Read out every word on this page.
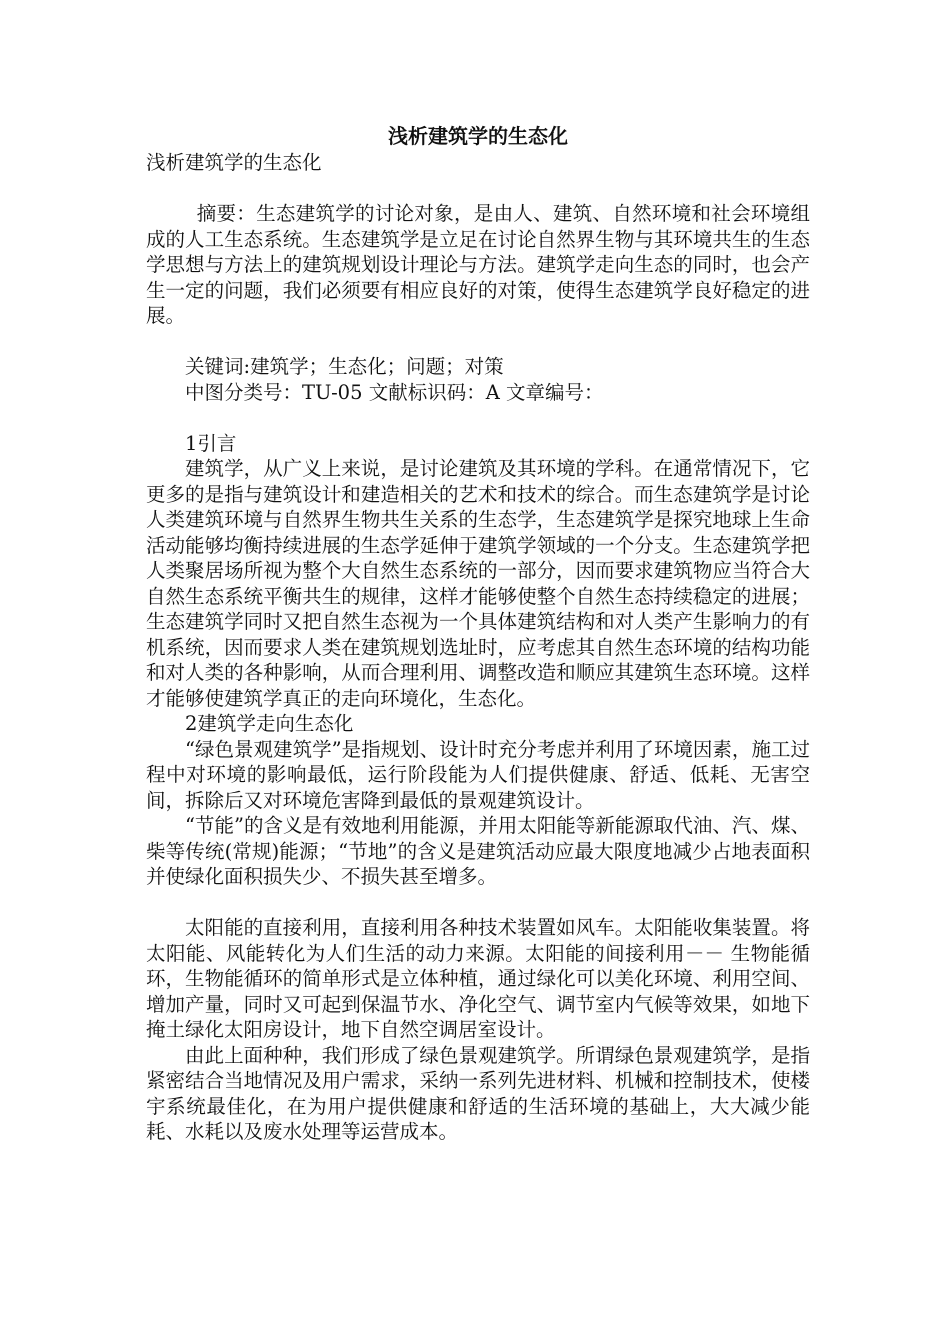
浅析建筑学的生态化

浅析建筑学的生态化

摘要：生态建筑学的讨论对象，是由人、建筑、自然环境和社会环境组成的人工生态系统。生态建筑学是立足在讨论自然界生物与其环境共生的生态学思想与方法上的建筑规划设计理论与方法。建筑学走向生态的同时，也会产生一定的问题，我们必须要有相应良好的对策，使得生态建筑学良好稳定的进展。

关键词:建筑学；生态化；问题；对策

中图分类号：TU-05 文献标识码：A 文章编号：

1引言

建筑学，从广义上来说，是讨论建筑及其环境的学科。在通常情况下，它更多的是指与建筑设计和建造相关的艺术和技术的综合。而生态建筑学是讨论人类建筑环境与自然界生物共生关系的生态学，生态建筑学是探究地球上生命活动能够均衡持续进展的生态学延伸于建筑学领域的一个分支。生态建筑学把人类聚居场所视为整个大自然生态系统的一部分，因而要求建筑物应当符合大自然生态系统平衡共生的规律，这样才能够使整个自然生态持续稳定的进展；生态建筑学同时又把自然生态视为一个具体建筑结构和对人类产生影响力的有机系统，因而要求人类在建筑规划选址时，应考虑其自然生态环境的结构功能和对人类的各种影响，从而合理利用、调整改造和顺应其建筑生态环境。这样才能够使建筑学真正的走向环境化，生态化。

2建筑学走向生态化

“绿色景观建筑学”是指规划、设计时充分考虑并利用了环境因素，施工过程中对环境的影响最低，运行阶段能为人们提供健康、舒适、低耗、无害空间，拆除后又对环境危害降到最低的景观建筑设计。

“节能”的含义是有效地利用能源，并用太阳能等新能源取代油、汽、煤、柴等传统(常规)能源；“节地”的含义是建筑活动应最大限度地减少占地表面积并使绿化面积损失少、不损失甚至增多。

太阳能的直接利用，直接利用各种技术装置如风车。太阳能收集装置。将太阳能、风能转化为人们生活的动力来源。太阳能的间接利用－－ 生物能循环，生物能循环的简单形式是立体种植，通过绿化可以美化环境、利用空间、增加产量，同时又可起到保温节水、净化空气、调节室内气候等效果，如地下掩土绿化太阳房设计，地下自然空调居室设计。

由此上面种种，我们形成了绿色景观建筑学。所谓绿色景观建筑学，是指紧密结合当地情况及用户需求，采纳一系列先进材料、机械和控制技术，使楼宇系统最佳化，在为用户提供健康和舒适的生活环境的基础上，大大减少能耗、水耗以及废水处理等运营成本。
